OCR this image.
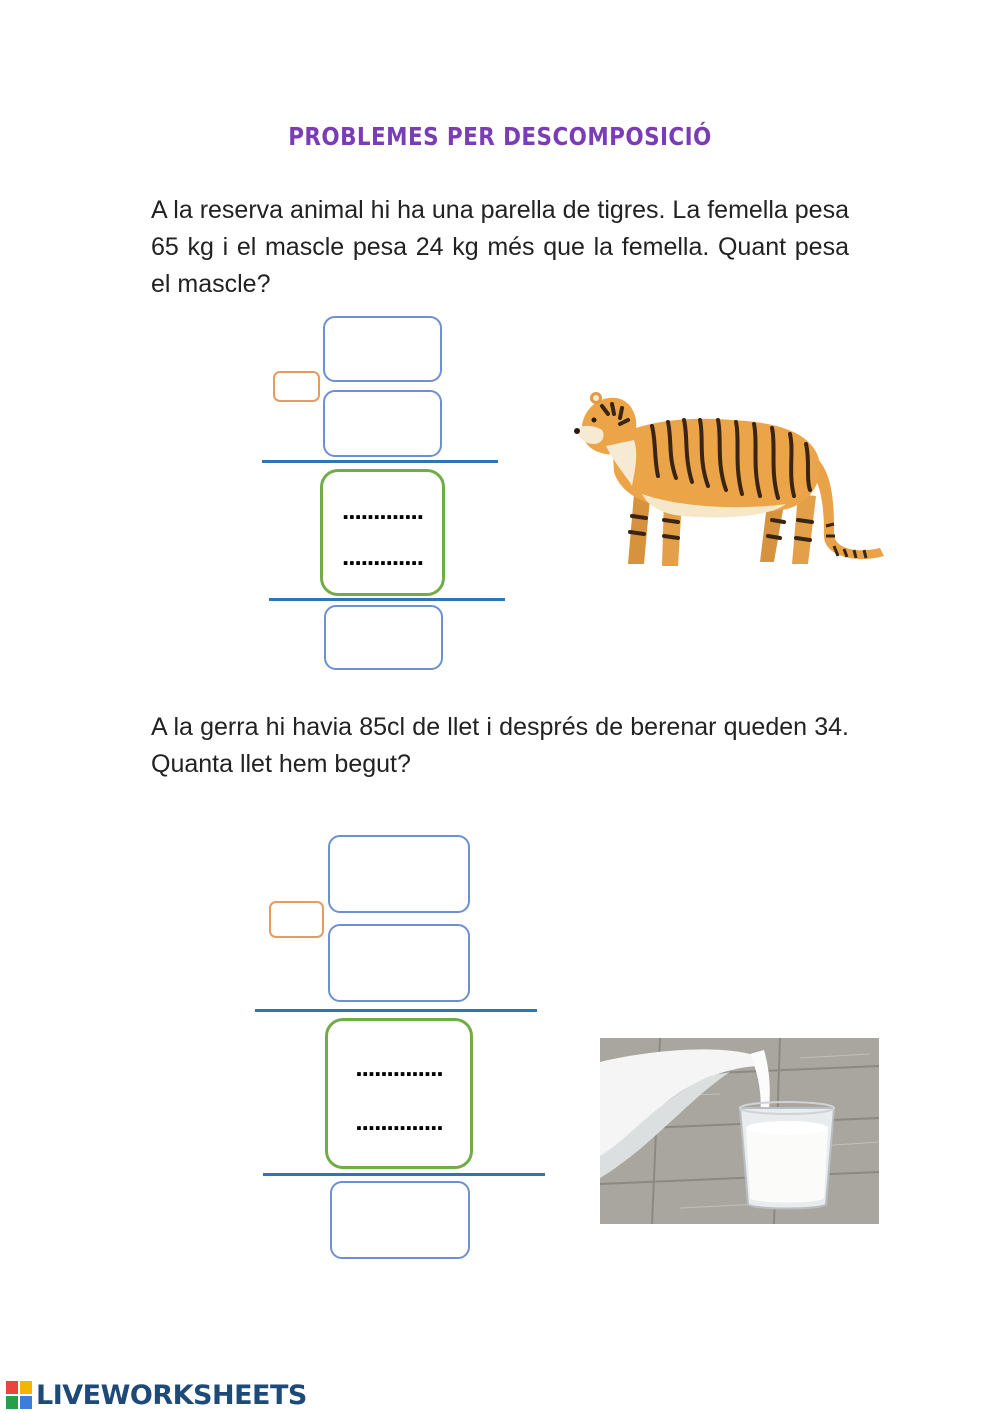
PROBLEMES PER DESCOMPOSICIÓ

A la reserva animal hi ha una parella de tigres. La femella pesa 65 kg i el mascle pesa 24 kg més que la femella. Quant pesa el mascle?

.............
.............

A la gerra hi havia 85cl de llet i després de berenar queden 34. Quanta llet hem begut?

..............
..............
LIVEWORKSHEETS
